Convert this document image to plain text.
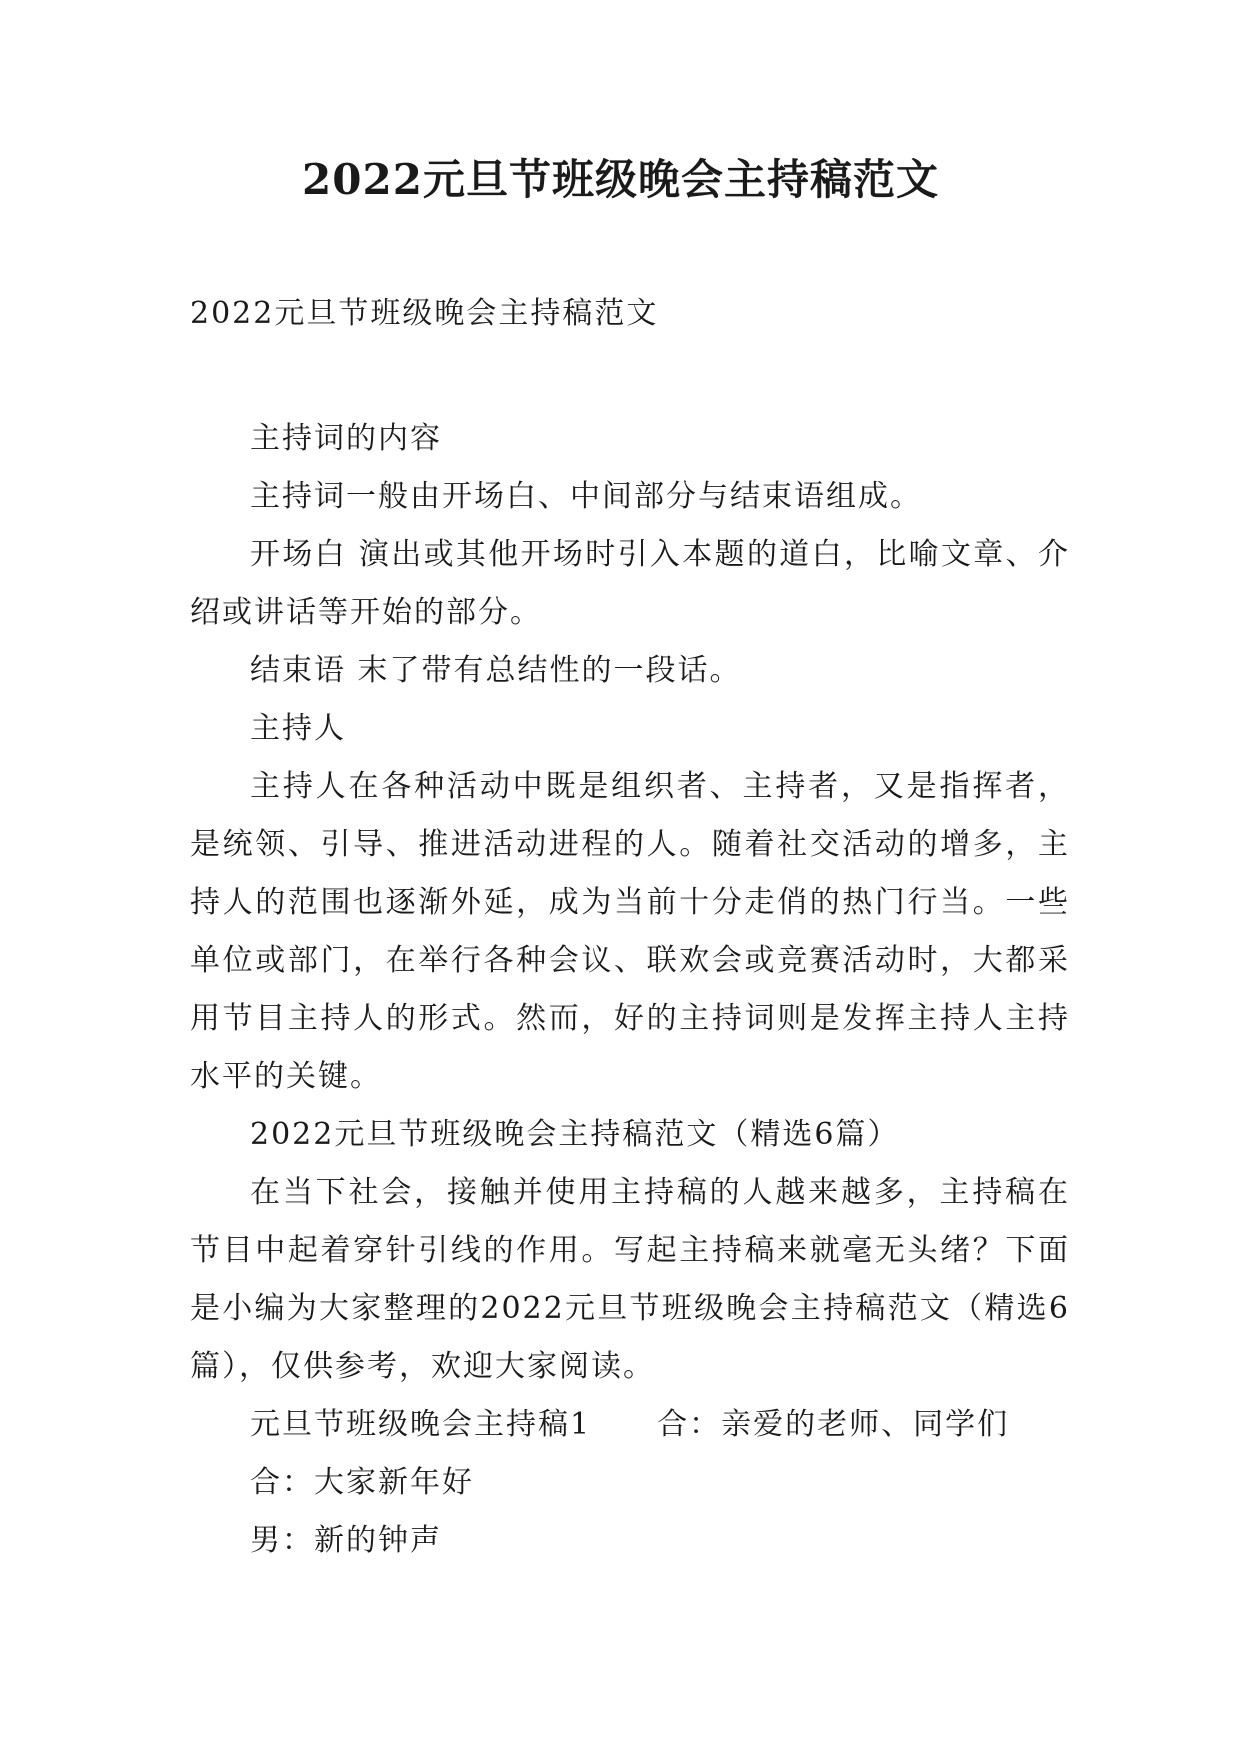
2022元旦节班级晚会主持稿范文

2022元旦节班级晚会主持稿范文

主持词的内容

主持词一般由开场白、中间部分与结束语组成。

开场白 演出或其他开场时引入本题的道白，比喻文章、介绍或讲话等开始的部分。

结束语 末了带有总结性的一段话。

主持人

主持人在各种活动中既是组织者、主持者，又是指挥者，是统领、引导、推进活动进程的人。随着社交活动的增多，主持人的范围也逐渐外延，成为当前十分走俏的热门行当。一些单位或部门，在举行各种会议、联欢会或竞赛活动时，大都采用节目主持人的形式。然而，好的主持词则是发挥主持人主持水平的关键。

2022元旦节班级晚会主持稿范文（精选6篇）

在当下社会，接触并使用主持稿的人越来越多，主持稿在节目中起着穿针引线的作用。写起主持稿来就毫无头绪？下面是小编为大家整理的2022元旦节班级晚会主持稿范文（精选6篇），仅供参考，欢迎大家阅读。

元旦节班级晚会主持稿1 合：亲爱的老师、同学们

合：大家新年好

男：新的钟声
